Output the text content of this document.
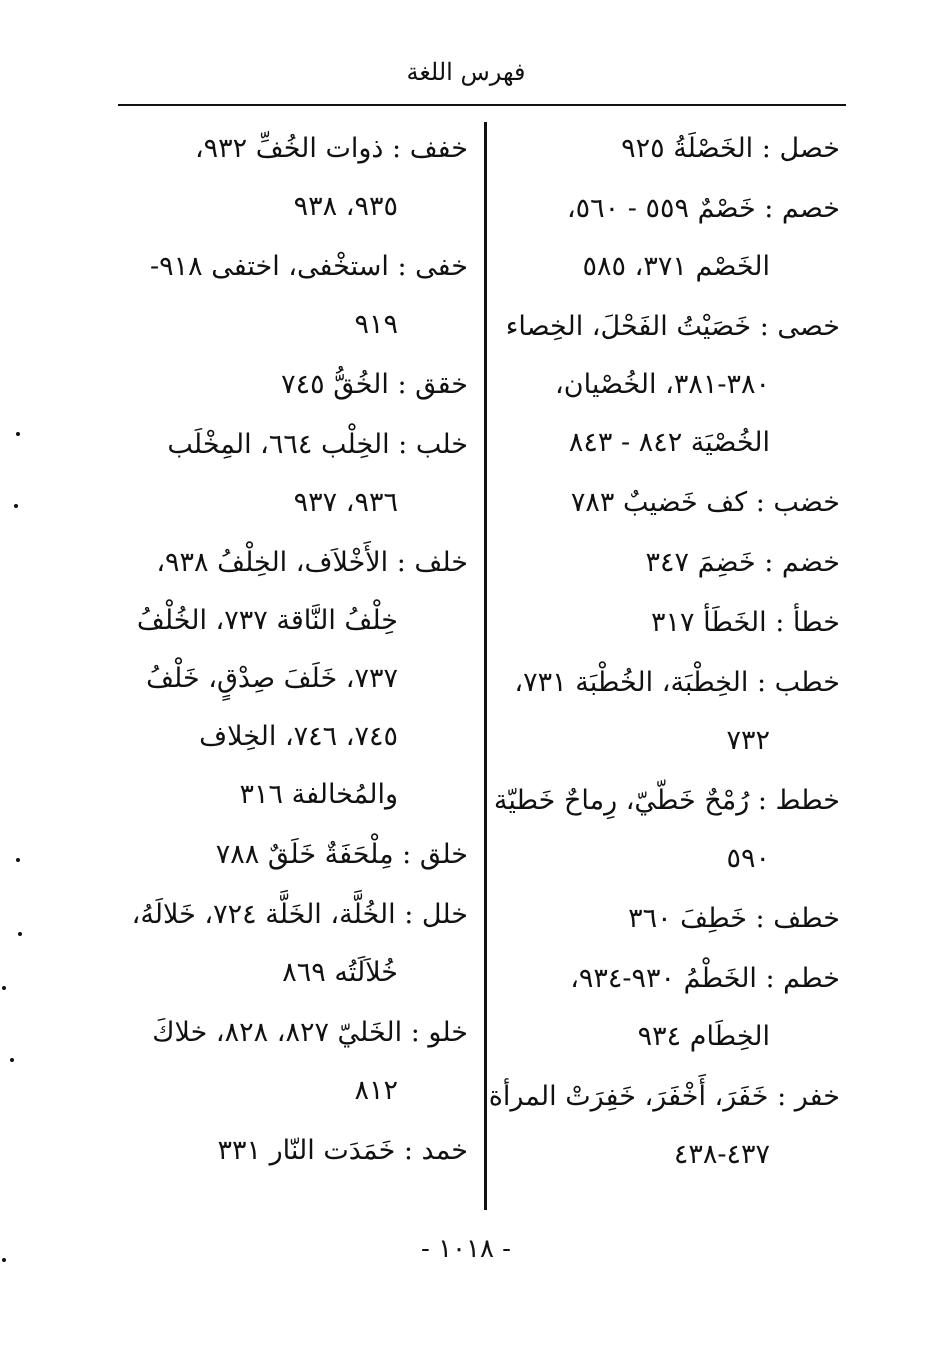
فهرس اللغة
خصل : الخَصْلَةُ ٩٢٥
خصم : خَصْمٌ ٥٥٩ - ٥٦٠،
الخَصْم ٣٧١، ٥٨٥
خصى : خَصَيْتُ الفَحْلَ، الخِصاء
٣٨٠-٣٨١، الخُصْيان،
الخُصْيَة ٨٤٢ - ٨٤٣
خضب : كف خَضيبٌ ٧٨٣
خضم : خَضِمَ ٣٤٧
خطأ : الخَطَأ ٣١٧
خطب : الخِطْبَة، الخُطْبَة ٧٣١،
٧٣٢
خطط : رُمْحٌ خَطّيّ، رِماحٌ خَطيّة
٥٩٠
خطف : خَطِفَ ٣٦٠
خطم : الخَطْمُ ٩٣٠-٩٣٤،
الخِطَام ٩٣٤
خفر : خَفَرَ، أَخْفَرَ، خَفِرَتْ المرأة
٤٣٧-٤٣٨
خفف : ذوات الخُفِّ ٩٣٢،
٩٣٥، ٩٣٨
خفى : استخْفى، اختفى ٩١٨-
٩١٩
خقق : الخُقُّ ٧٤٥
خلب : الخِلْب ٦٦٤، المِخْلَب
٩٣٦، ٩٣٧
خلف : الأَخْلاَف، الخِلْفُ ٩٣٨،
خِلْفُ النَّاقة ٧٣٧، الخُلْفُ
٧٣٧، خَلَفَ صِدْقٍ، خَلْفُ
٧٤٥، ٧٤٦، الخِلاف
والمُخالفة ٣١٦
خلق : مِلْحَفَةٌ خَلَقٌ ٧٨٨
خلل : الخُلَّة، الخَلَّة ٧٢٤، خَلالَهُ،
خُلاَلَتُه ٨٦٩
خلو : الخَليّ ٨٢٧، ٨٢٨، خلاكَ
٨١٢
خمد : خَمَدَت النّار ٣٣١
- ١٠١٨ -
